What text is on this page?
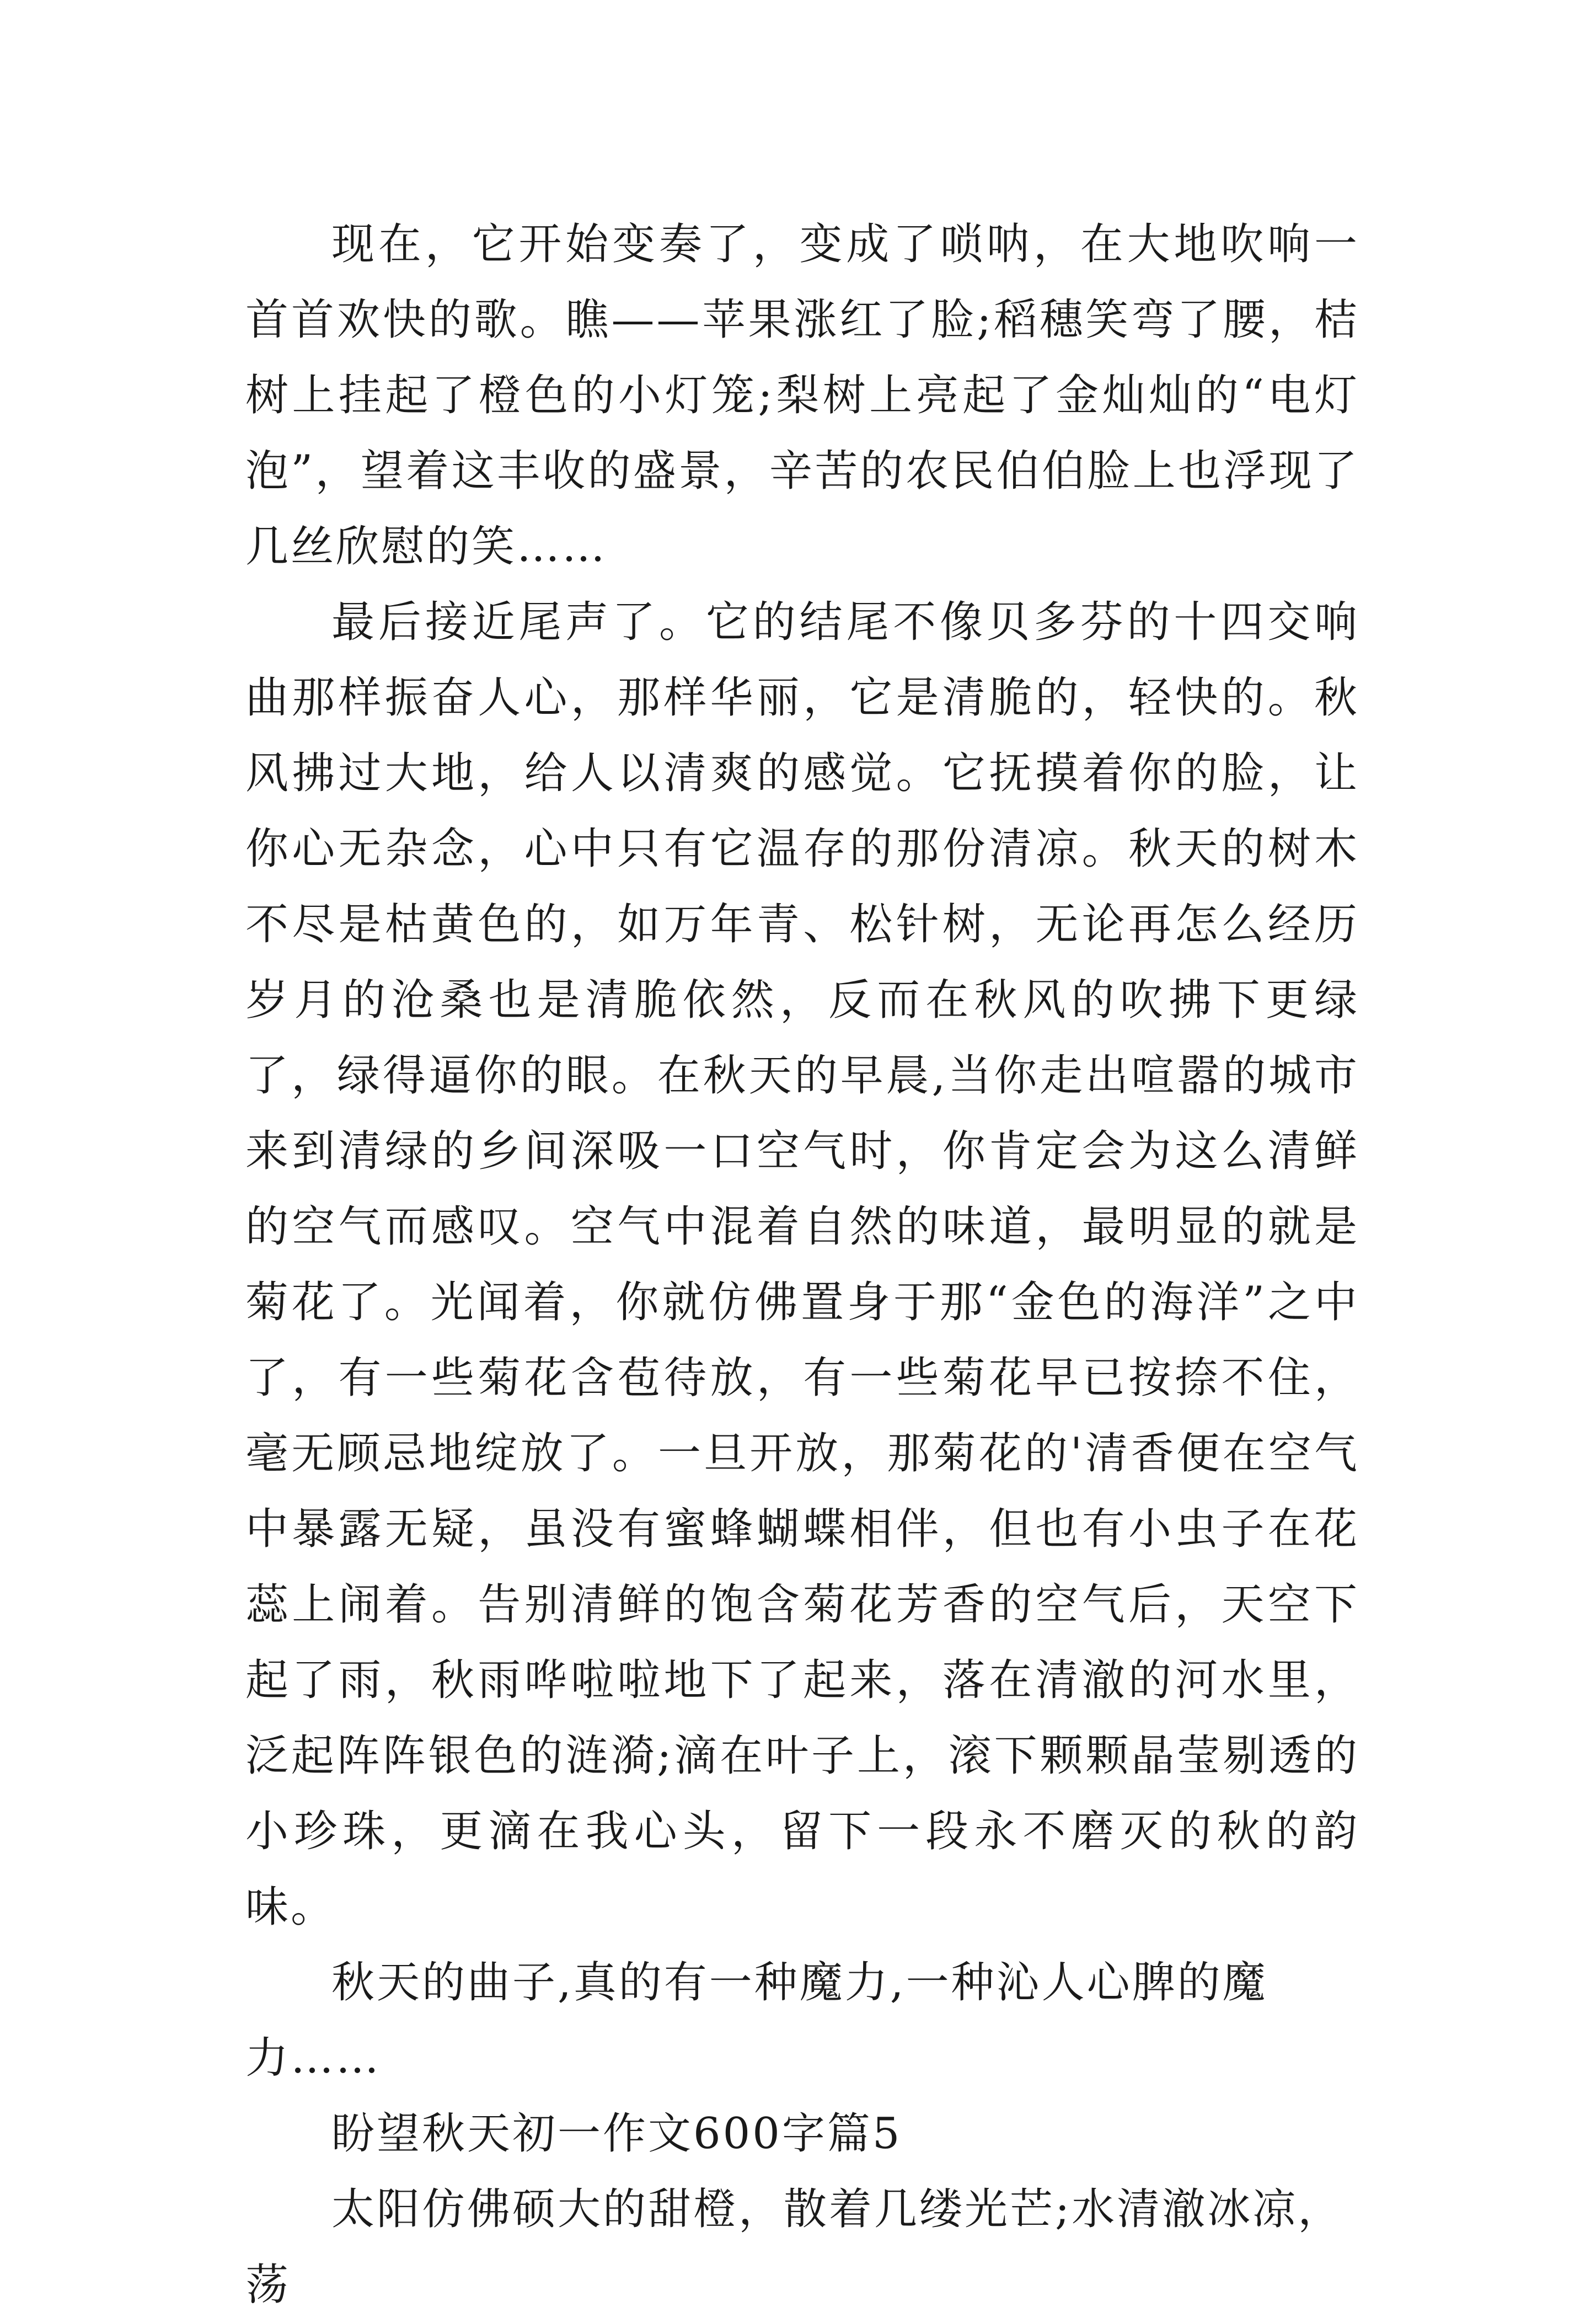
现在，它开始变奏了，变成了唢呐，在大地吹响一首首欢快的歌。瞧——苹果涨红了脸;稻穗笑弯了腰，桔树上挂起了橙色的小灯笼;梨树上亮起了金灿灿的“电灯泡”，望着这丰收的盛景，辛苦的农民伯伯脸上也浮现了几丝欣慰的笑……

最后接近尾声了。它的结尾不像贝多芬的十四交响曲那样振奋人心，那样华丽，它是清脆的，轻快的。秋风拂过大地，给人以清爽的感觉。它抚摸着你的脸，让你心无杂念，心中只有它温存的那份清凉。秋天的树木不尽是枯黄色的，如万年青、松针树，无论再怎么经历岁月的沧桑也是清脆依然，反而在秋风的吹拂下更绿了，绿得逼你的眼。在秋天的早晨,当你走出喧嚣的城市来到清绿的乡间深吸一口空气时，你肯定会为这么清鲜的空气而感叹。空气中混着自然的味道，最明显的就是菊花了。光闻着，你就仿佛置身于那“金色的海洋”之中了，有一些菊花含苞待放，有一些菊花早已按捺不住，毫无顾忌地绽放了。一旦开放，那菊花的'清香便在空气中暴露无疑，虽没有蜜蜂蝴蝶相伴，但也有小虫子在花蕊上闹着。告别清鲜的饱含菊花芳香的空气后，天空下起了雨，秋雨哗啦啦地下了起来，落在清澈的河水里，泛起阵阵银色的涟漪;滴在叶子上，滚下颗颗晶莹剔透的小珍珠，更滴在我心头，留下一段永不磨灭的秋的韵味。

秋天的曲子,真的有一种魔力,一种沁人心脾的魔力……

盼望秋天初一作文600字篇5

太阳仿佛硕大的甜橙，散着几缕光芒;水清澈冰凉，荡
